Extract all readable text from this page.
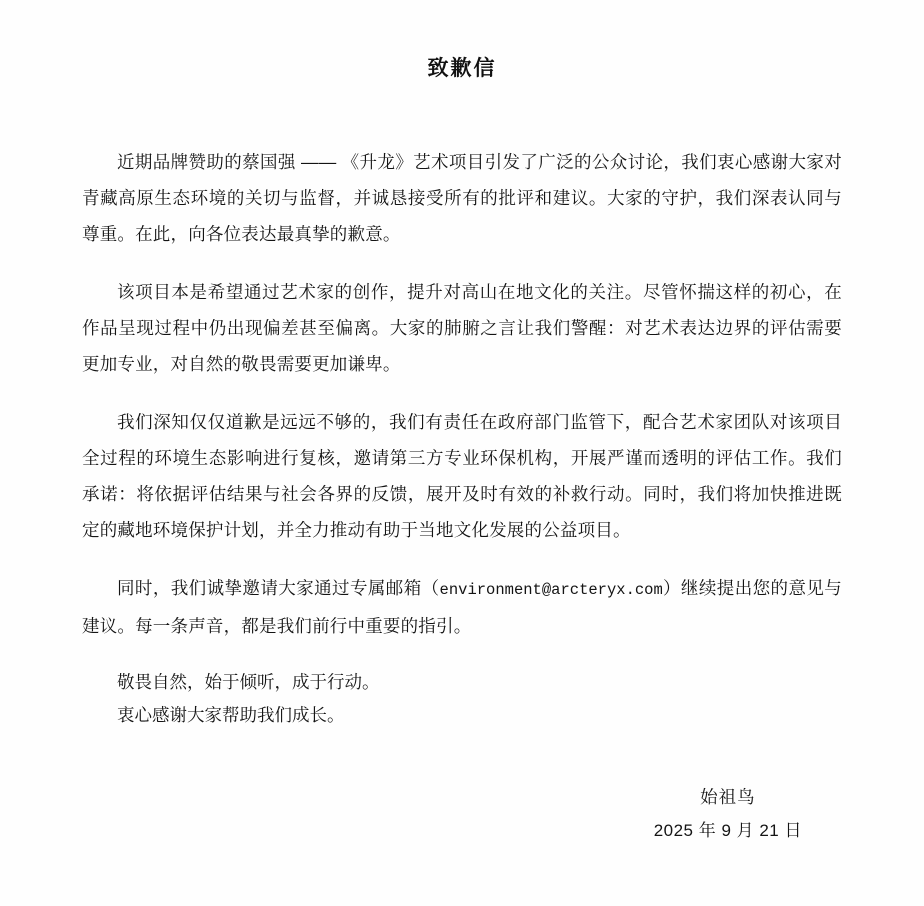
致歉信

近期品牌赞助的蔡国强 —— 《升龙》艺术项目引发了广泛的公众讨论，我们衷心感谢大家对青藏高原生态环境的关切与监督，并诚恳接受所有的批评和建议。大家的守护，我们深表认同与尊重。在此，向各位表达最真挚的歉意。

该项目本是希望通过艺术家的创作，提升对高山在地文化的关注。尽管怀揣这样的初心，在作品呈现过程中仍出现偏差甚至偏离。大家的肺腑之言让我们警醒：对艺术表达边界的评估需要更加专业，对自然的敬畏需要更加谦卑。

我们深知仅仅道歉是远远不够的，我们有责任在政府部门监管下，配合艺术家团队对该项目全过程的环境生态影响进行复核，邀请第三方专业环保机构，开展严谨而透明的评估工作。我们承诺：将依据评估结果与社会各界的反馈，展开及时有效的补救行动。同时，我们将加快推进既定的藏地环境保护计划，并全力推动有助于当地文化发展的公益项目。

同时，我们诚挚邀请大家通过专属邮箱（environment@arcteryx.com）继续提出您的意见与建议。每一条声音，都是我们前行中重要的指引。

敬畏自然，始于倾听，成于行动。

衷心感谢大家帮助我们成长。

始祖鸟
2025 年 9 月 21 日
